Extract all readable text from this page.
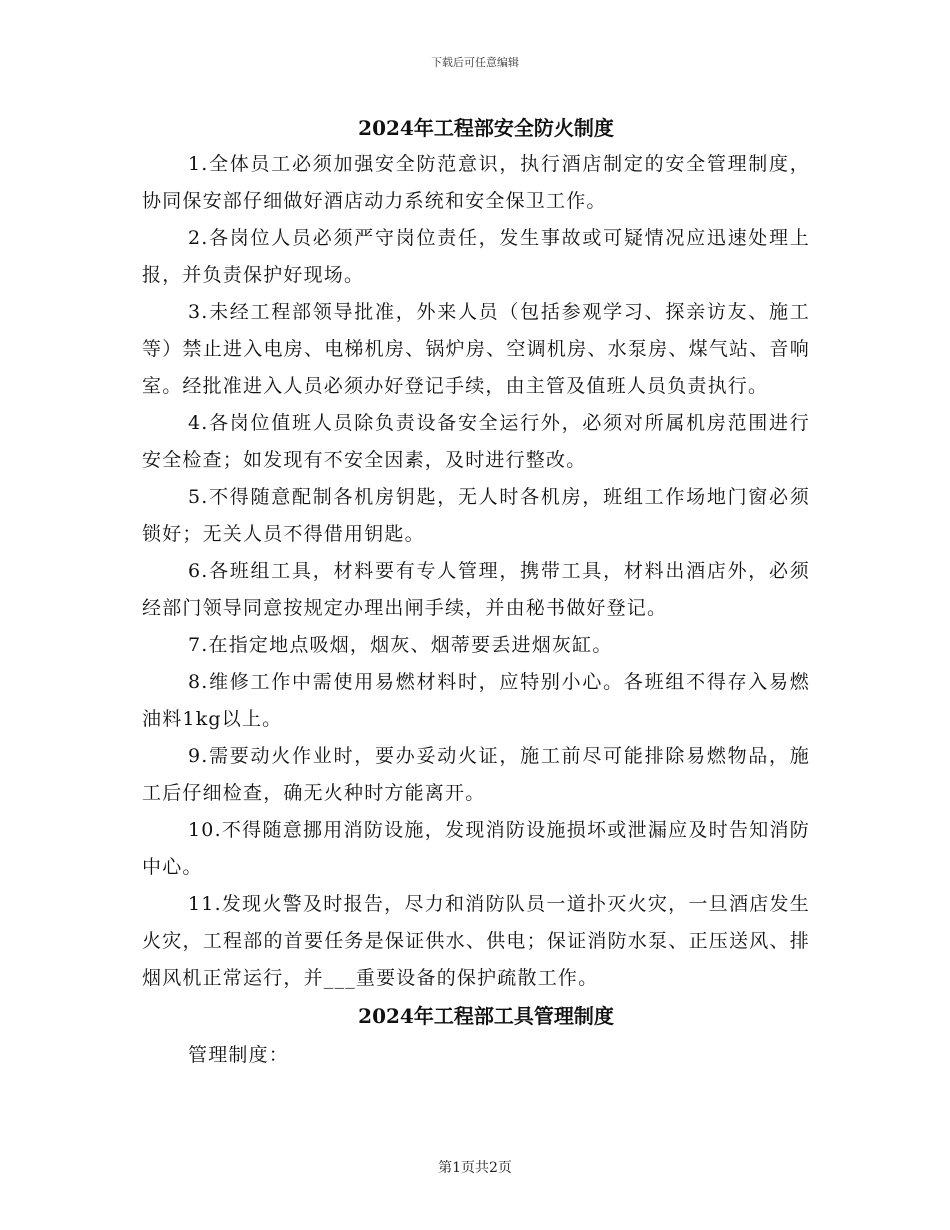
下载后可任意编辑
2024年工程部安全防火制度

1.全体员工必须加强安全防范意识，执行酒店制定的安全管理制度，协同保安部仔细做好酒店动力系统和安全保卫工作。

2.各岗位人员必须严守岗位责任，发生事故或可疑情况应迅速处理上报，并负责保护好现场。

3.未经工程部领导批准，外来人员（包括参观学习、探亲访友、施工等）禁止进入电房、电梯机房、锅炉房、空调机房、水泵房、煤气站、音响室。经批准进入人员必须办好登记手续，由主管及值班人员负责执行。

4.各岗位值班人员除负责设备安全运行外，必须对所属机房范围进行安全检查；如发现有不安全因素，及时进行整改。

5.不得随意配制各机房钥匙，无人时各机房，班组工作场地门窗必须锁好；无关人员不得借用钥匙。

6.各班组工具，材料要有专人管理，携带工具，材料出酒店外，必须经部门领导同意按规定办理出闸手续，并由秘书做好登记。

7.在指定地点吸烟，烟灰、烟蒂要丢进烟灰缸。

8.维修工作中需使用易燃材料时，应特别小心。各班组不得存入易燃油料1kg以上。

9.需要动火作业时，要办妥动火证，施工前尽可能排除易燃物品，施工后仔细检查，确无火种时方能离开。

10.不得随意挪用消防设施，发现消防设施损坏或泄漏应及时告知消防中心。

11.发现火警及时报告，尽力和消防队员一道扑灭火灾，一旦酒店发生火灾，工程部的首要任务是保证供水、供电；保证消防水泵、正压送风、排烟风机正常运行，并___重要设备的保护疏散工作。

2024年工程部工具管理制度

管理制度：

第1页共2页
